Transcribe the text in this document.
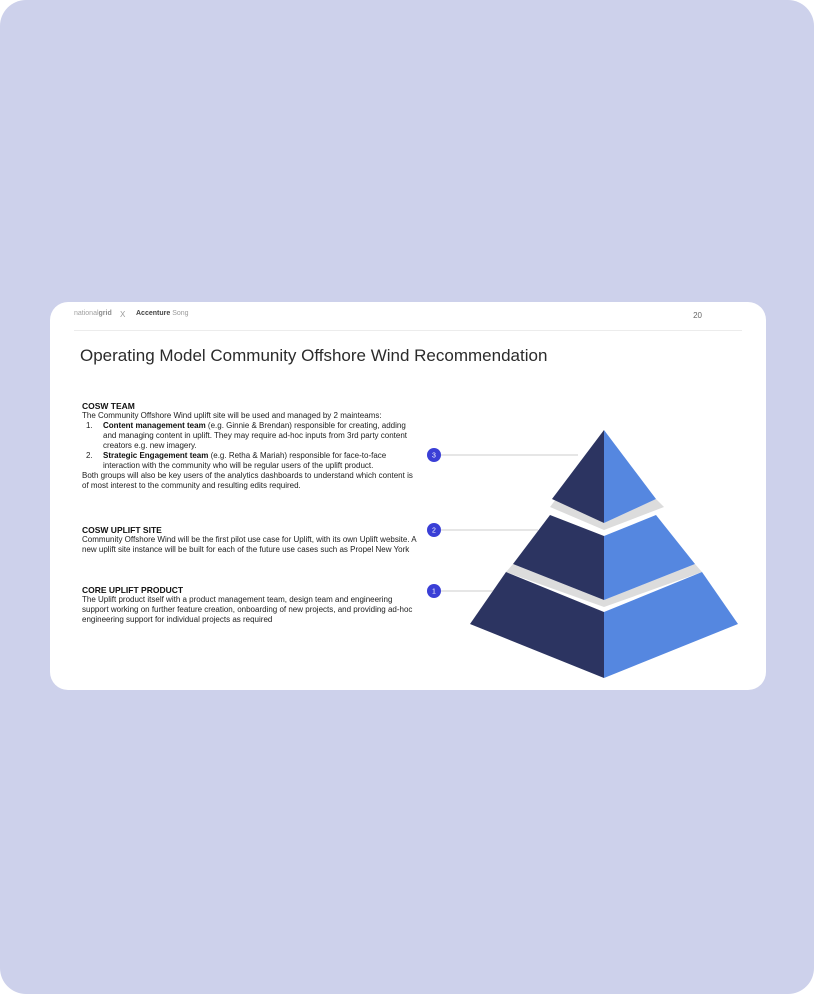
nationalgrid X Accenture Song	20
Operating Model Community Offshore Wind Recommendation

COSW TEAM

The Community Offshore Wind uplift site will be used and managed by 2 mainteams:

1. Content management team (e.g. Ginnie & Brendan) responsible for creating, adding and managing content in uplift. They may require ad-hoc inputs from 3rd party content creators e.g. new imagery.
2. Strategic Engagement team (e.g. Retha & Mariah) responsible for face-to-face interaction with the community who will be regular users of the uplift product.

Both groups will also be key users of the analytics dashboards to understand which content is of most interest to the community and resulting edits required.

COSW UPLIFT SITE

Community Offshore Wind will be the first pilot use case for Uplift, with its own Uplift website. A new uplift site instance will be built for each of the future use cases such as Propel New York

CORE UPLIFT PRODUCT

The Uplift product itself with a product management team, design team and engineering support working on further feature creation, onboarding of new projects, and providing ad-hoc engineering support for individual projects as required

3
2
1
